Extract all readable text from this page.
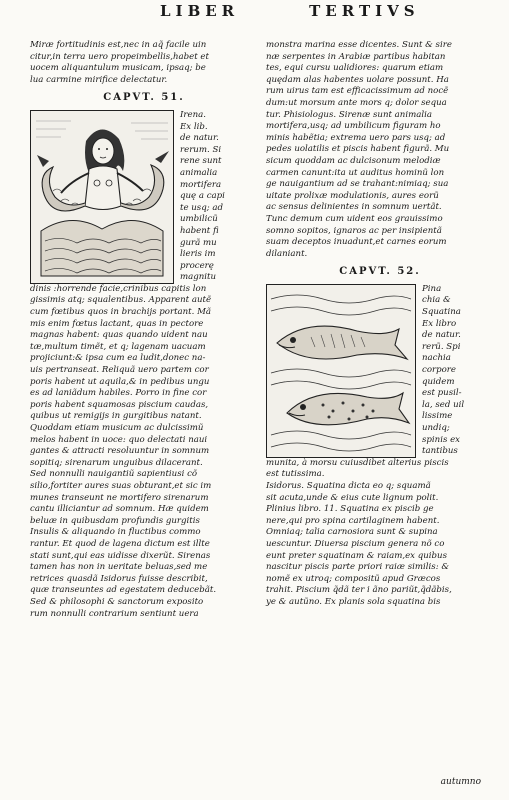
LIBER	TERTIVS

Miræ fortitudinis est,nec in aq̃ facile uin

citur,in terra uero propeimbellis,habet et

uocem aliquantulum musicam, ipsaq; be

lua carmine mirifice delectatur.

CAPVT. 51.

Irena.

Ex lib.

de natur.

rerum. Si

rene sunt

animalia

mortifera

quę a capi

te usq; ad

umbilicũ

habent fi

gurã mu

lieris im

procerę

magnitu

dinis :horrende facie,crinibus capitis lon

gissimis atq; squalentibus. Apparent autẽ

cum fœtibus quos in brachijs portant. Mã

mis enim fœtus lactant, quas in pectore

magnas habent: quas quando uident nau

tæ,multum timẽt, et q; lagenam uacuam

projiciunt:& ipsa cum ea ludit,donec na-

uis pertranseat. Reliquã uero partem cor

poris habent ut aquila,& in pedibus ungu

es ad laniãdum habiles. Porro in fine cor

poris habent squamosas piscium caudas,

quibus ut remigijs in gurgitibus natant.

Quoddam etiam musicum ac dulcissimũ

melos habent in uoce: quo delectati naui

gantes & attracti resoluuntur in somnum

sopitiq; sirenarum unguibus dilacerant.

Sed nonnulli nauigantiũ sapientiusi cõ

silio,fortiter aures suas obturant,et sic im

munes transeunt ne mortifero sirenarum

cantu illiciantur ad somnum. Hæ quidem

beluæ in quibusdam profundis gurgitis

Insulis & aliquando in fluctibus commo

rantur. Et quod de lagena dictum est illte

stati sunt,qui eas uidisse dixerũt. Sirenas

tamen has non in ueritate beluas,sed me

retrices quasdã Isidorus fuisse describit,

quæ transeuntes ad egestatem deducebãt.

Sed & philosophi & sanctorum exposito

rum nonnulli contrarium sentiunt uera

monstra marina esse dicentes. Sunt & sire

næ serpentes in Arabiæ partibus habitan

tes, equi cursu ualidiores: quarum etiam

quędam alas habentes uolare possunt. Ha

rum uirus tam est efficacissimum ad nocẽ

dum:ut morsum ante mors q; dolor sequa

tur. Phisiologus. Sirenæ sunt animalia

mortifera,usq; ad umbilicum figuram ho

minis habẽtia; extrema uero pars usq; ad

pedes uolatilis et piscis habent figurã. Mu

sicum quoddam ac dulcisonum melodiæ

carmen canunt:ita ut auditus hominũ lon

ge nauigantium ad se trahant:nimiaq; sua

uitate prolixæ modulationis, aures eorũ

ac sensus delinientes in somnum uertãt.

Tunc demum cum uident eos grauissimo

somno sopitos, ignaros ac per insipientã

suam deceptos inuadunt,et carnes eorum

dilaniant.

CAPVT. 52.

Pina

chia &

Squatina

Ex libro

de natur.

rerũ. Spi

nachia

corpore

quidem

est pusil-

la, sed uil

lissime

undiq;

spinis ex

tantibus

munita, à morsu cuiusdibet alterius piscis

est tutissima.

Isidorus. Squatina dicta eo q; squamã

sit acuta,unde & eius cute lignum polit.

Plinius libro. 11. Squatina ex piscib ge

nere,qui pro spina cartilaginem habent.

Omniaq; talia carnosiora sunt & supina

uescuntur. Diuersa piscium genera nõ co

eunt preter squatinam & raiam,ex quibus

nascitur piscis parte priori raiæ similis: &

nomẽ ex utroq; compositũ apud Græcos

trahit. Piscium q̃dã ter i ãno pariũt,q̃dãbis,

ye & autũno. Ex planis sola squatina bis

autumno
